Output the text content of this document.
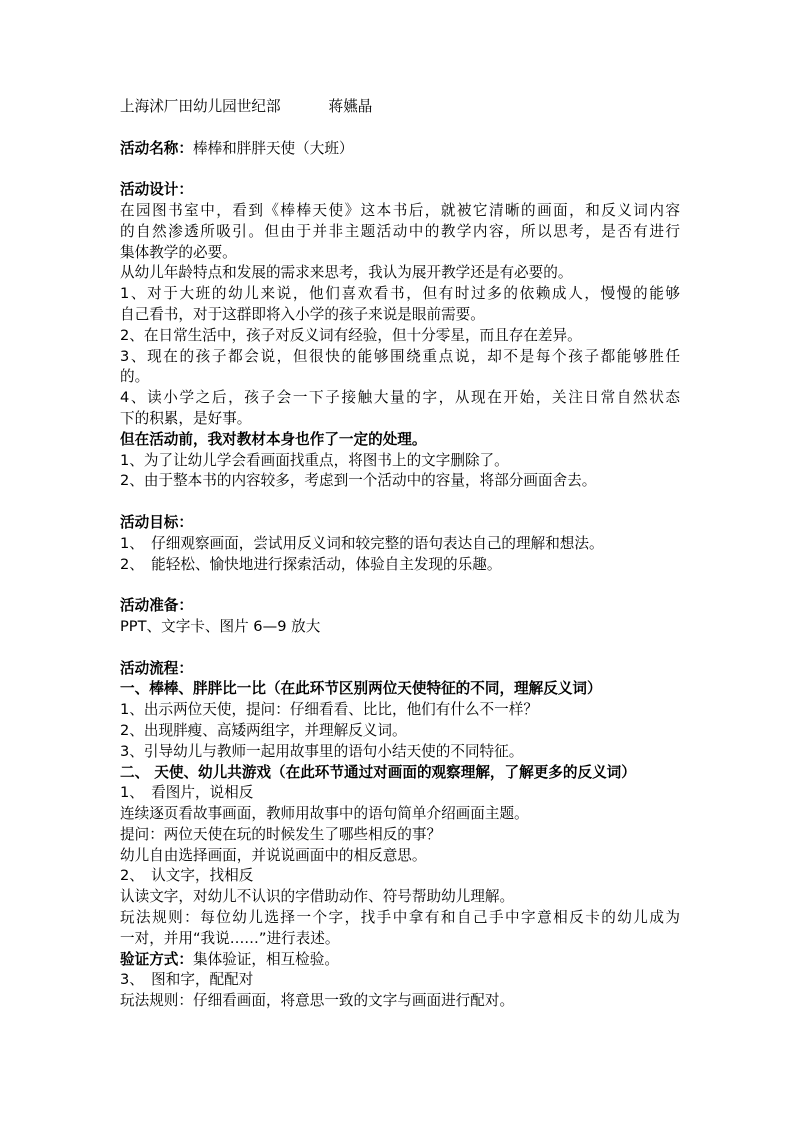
上海沭厂田幼儿园世纪部	蒋嬿晶
活动名称：棒棒和胖胖天使（大班）
活动设计：
在园图书室中，看到《棒棒天使》这本书后，就被它清晰的画面，和反义词内容
的自然渗透所吸引。但由于并非主题活动中的教学内容，所以思考，是否有进行
集体教学的必要。
从幼儿年龄特点和发展的需求来思考，我认为展开教学还是有必要的。
1、对于大班的幼儿来说，他们喜欢看书，但有时过多的依赖成人，慢慢的能够
自己看书，对于这群即将入小学的孩子来说是眼前需要。
2、在日常生活中，孩子对反义词有经验，但十分零星，而且存在差异。
3、现在的孩子都会说，但很快的能够围绕重点说，却不是每个孩子都能够胜任
的。
4、读小学之后，孩子会一下子接触大量的字，从现在开始，关注日常自然状态
下的积累，是好事。
但在活动前，我对教材本身也作了一定的处理。
1、为了让幼儿学会看画面找重点，将图书上的文字删除了。
2、由于整本书的内容较多，考虑到一个活动中的容量，将部分画面舍去。
活动目标：
1、　仔细观察画面，尝试用反义词和较完整的语句表达自己的理解和想法。
2、　能轻松、愉快地进行探索活动，体验自主发现的乐趣。
活动准备：
PPT、文字卡、图片 6—9 放大
活动流程：
一、棒棒、胖胖比一比（在此环节区别两位天使特征的不同，理解反义词）
1、出示两位天使，提问：仔细看看、比比，他们有什么不一样？
2、出现胖瘦、高矮两组字，并理解反义词。
3、引导幼儿与教师一起用故事里的语句小结天使的不同特征。
二、 天使、幼儿共游戏（在此环节通过对画面的观察理解，了解更多的反义词）
1、　看图片，说相反
连续逐页看故事画面，教师用故事中的语句简单介绍画面主题。
提问：两位天使在玩的时候发生了哪些相反的事？
幼儿自由选择画面，并说说画面中的相反意思。
2、　认文字，找相反
认读文字，对幼儿不认识的字借助动作、符号帮助幼儿理解。
玩法规则：每位幼儿选择一个字，找手中拿有和自己手中字意相反卡的幼儿成为
一对，并用“我说……”进行表述。
验证方式：集体验证，相互检验。
3、　图和字，配配对
玩法规则：仔细看画面，将意思一致的文字与画面进行配对。
